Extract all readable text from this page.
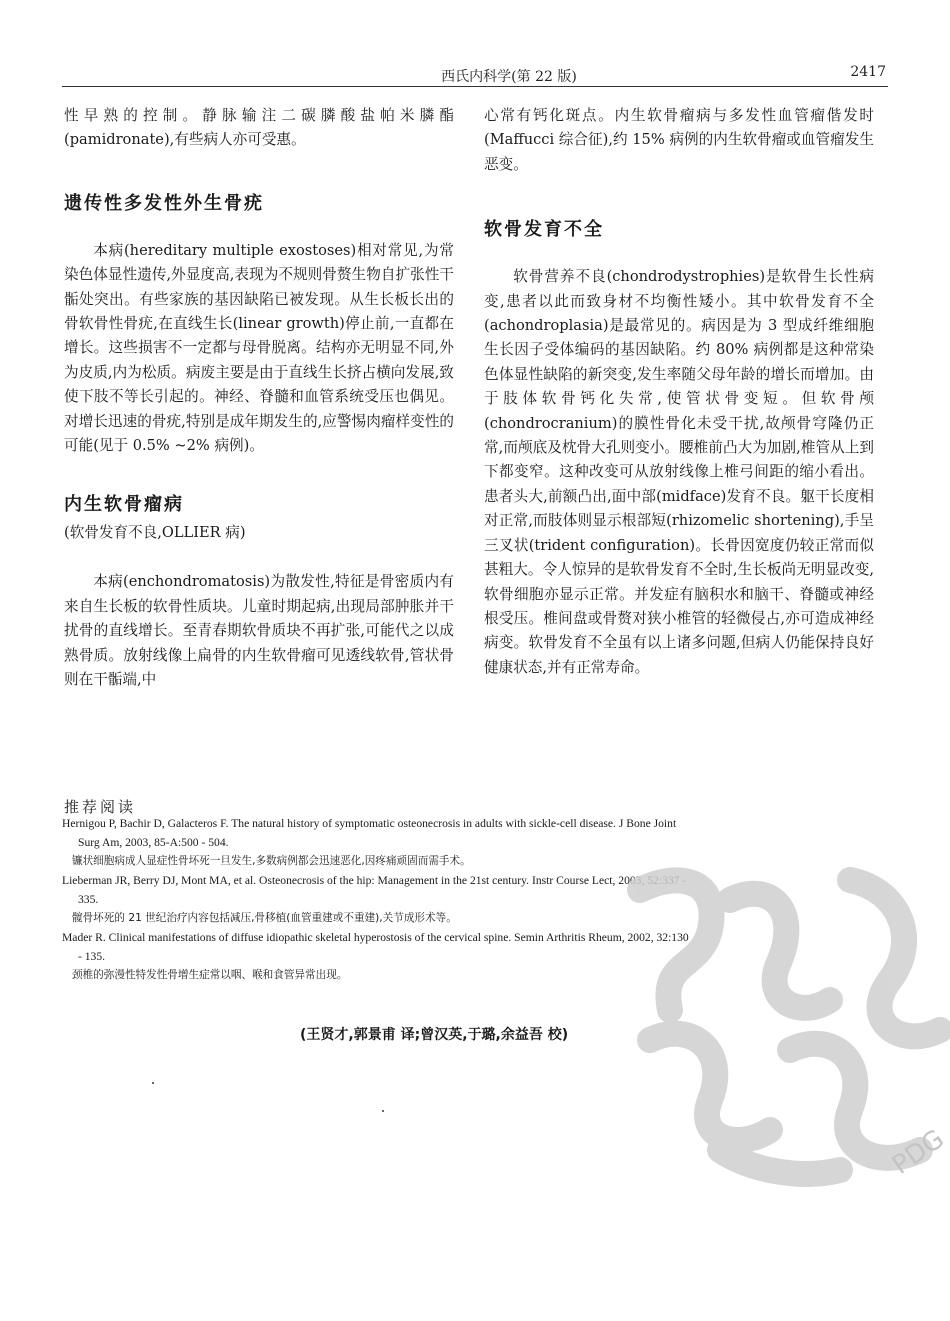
西氏内科学(第 22 版)	2417

性早熟的控制。静脉输注二碳膦酸盐帕米膦酯 (pamidronate),有些病人亦可受惠。

遗传性多发性外生骨疣

本病(hereditary multiple exostoses)相对常见,为常染色体显性遗传,外显度高,表现为不规则骨赘生物自扩张性干骺处突出。有些家族的基因缺陷已被发现。从生长板长出的骨软骨性骨疣,在直线生长(linear growth)停止前,一直都在增长。这些损害不一定都与母骨脱离。结构亦无明显不同,外为皮质,内为松质。病废主要是由于直线生长挤占横向发展,致使下肢不等长引起的。神经、脊髓和血管系统受压也偶见。对增长迅速的骨疣,特别是成年期发生的,应警惕肉瘤样变性的可能(见于 0.5% ~2% 病例)。

内生软骨瘤病

(软骨发育不良,OLLIER 病)

本病(enchondromatosis)为散发性,特征是骨密质内有来自生长板的软骨性质块。儿童时期起病,出现局部肿胀并干扰骨的直线增长。至青春期软骨质块不再扩张,可能代之以成熟骨质。放射线像上扁骨的内生软骨瘤可见透线软骨,管状骨则在干骺端,中

心常有钙化斑点。内生软骨瘤病与多发性血管瘤偕发时(Maffucci 综合征),约 15% 病例的内生软骨瘤或血管瘤发生恶变。

软骨发育不全

软骨营养不良(chondrodystrophies)是软骨生长性病变,患者以此而致身材不均衡性矮小。其中软骨发育不全(achondroplasia)是最常见的。病因是为 3 型成纤维细胞生长因子受体编码的基因缺陷。约 80% 病例都是这种常染色体显性缺陷的新突变,发生率随父母年龄的增长而增加。由于肢体软骨钙化失常,使管状骨变短。但软骨颅(chondrocranium)的膜性骨化未受干扰,故颅骨穹隆仍正常,而颅底及枕骨大孔则变小。腰椎前凸大为加剧,椎管从上到下都变窄。这种改变可从放射线像上椎弓间距的缩小看出。患者头大,前额凸出,面中部(midface)发育不良。躯干长度相对正常,而肢体则显示根部短(rhizomelic shortening),手呈三叉状(trident configuration)。长骨因宽度仍较正常而似甚粗大。令人惊异的是软骨发育不全时,生长板尚无明显改变,软骨细胞亦显示正常。并发症有脑积水和脑干、脊髓或神经根受压。椎间盘或骨赘对狭小椎管的轻微侵占,亦可造成神经病变。软骨发育不全虽有以上诸多问题,但病人仍能保持良好健康状态,并有正常寿命。

推荐阅读

Hernigou P, Bachir D, Galacteros F. The natural history of symptomatic osteonecrosis in adults with sickle-cell disease. J Bone Joint Surg Am, 2003, 85-A:500 - 504.

镰状细胞病成人显症性骨坏死一旦发生,多数病例都会迅速恶化,因疼痛顽固而需手术。

Lieberman JR, Berry DJ, Mont MA, et al. Osteonecrosis of the hip: Management in the 21st century. Instr Course Lect, 2003, 52:337 - 335.

髋骨坏死的 21 世纪治疗内容包括减压,骨移植(血管重建或不重建),关节成形术等。

Mader R. Clinical manifestations of diffuse idiopathic skeletal hyperostosis of the cervical spine. Semin Arthritis Rheum, 2002, 32:130 - 135.

颈椎的弥漫性特发性骨增生症常以咽、喉和食管异常出现。

(王贤才,郭景甫 译;曾汉英,于璐,余益吾 校)

PDG
